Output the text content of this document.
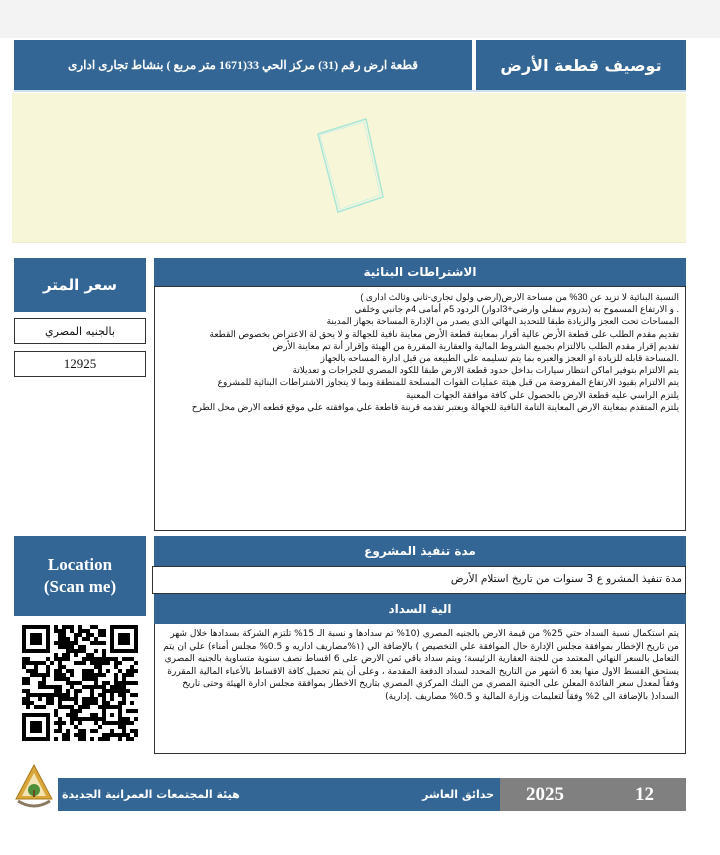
قطعة ارض رقم (31) مركز الحي 33(1671 متر مربع ) بنشاط تجارى ادارى	توصيف قطعة الأرض
سعر المتر
بالجنيه المصري
12925
الاشتراطات البنائية

النسبة البنائية لا تزيد عن 30% من مساحة الارض(ارضي ولول تجاري-ثاني وثالث ادارى )

. و الارتفاع المسموح به (بدروم سفلي وارضي+3ادوار) الردود 5م أمامى 4م جانبي وخلفي

المساحات تحت العجز والزيادة طبقا للتحديد النهائي الذي يصدر من الإدارة المساحة بجهاز المدينة

تقديم مقدم الطلب على قطعة الأرض عالية أقرار بمعاينة قطعة الأرض معاينة نافية للجهالة و لا يحق لة الاعتراض بخصوص القطعة

تقديم إقرار مقدم الطلب بالالتزام بجميع الشروط المالية والعقارية المقررة من الهيئة وإقرار أنة تم معاينة الأرض

.المساحة قابله للزيادة او العجز والعبره بما يتم تسليمه علي الطبيعه من قبل ادارة المساحه بالجهاز

يتم الالتزام بتوفير اماكن انتظار سيارات بداخل حدود قطعة الارض طبقا للكود المصري للجراجات و تعديلاتة

يتم الالتزام بقيود الارتفاع المفروضة من قبل هيئة عمليات القوات المسلحة للمنطقة وبما لا يتجاوز الاشتراطات البنائية للمشروع

يلتزم الراسي عليه قطعة الارض بالحصول علي كافة موافقة الجهات المعنية

يلتزم المتقدم بمعاينة الارض المعاينة التامة النافية للجهالة ويعتبر تقدمه قرينة قاطعة علي موافقته علي موقع قطعه الارض محل الطرح

Location
(Scan me)
مدة تنفيذ المشروع
مدة تنفيذ المشرو ع 3 سنوات من تاريخ استلام الأرض
الية السداد

يتم استكمال نسبة السداد حتي 25% من قيمة الارض بالجنيه المصري (10% تم سدادها و نسبة الـ 15% تلتزم الشركة بسدادها خلال شهر من تاريخ الإخطار بموافقة مجلس الإدارة حال الموافقة علي التخصيص ) بالإضافة الي (١%مصاريف اداريه و 0.5% مجلس أمناء) علي ان يتم التعامل بالسعر النهائي المعتمد من للجنة العقارية الرئيسة؛ ويتم سداد باقي ثمن الارض على 6 اقساط نصف سنوية متساوية بالجنيه المصري يستحق القسط الاول منها بعد 6 أشهر من التاريخ المحدد لسداد الدفعة المقدمة ، وعلى أن يتم تحميل كافة الاقساط بالأعباء المالية المقررة وفقاً لمعدل سعر الفائدة المعلن على الجنية المصري من البنك المركزي المصري بتاريخ الاخطار بموافقة مجلس ادارة الهيئة وحتى تاريخ السداد( بالإضافة الى 2% وفقاً لتعليمات وزارة المالية و 0.5% مصاريف .إدارية)

هيئة المجتمعات العمرانية الجديدة	حدائق العاشر 2025	12
